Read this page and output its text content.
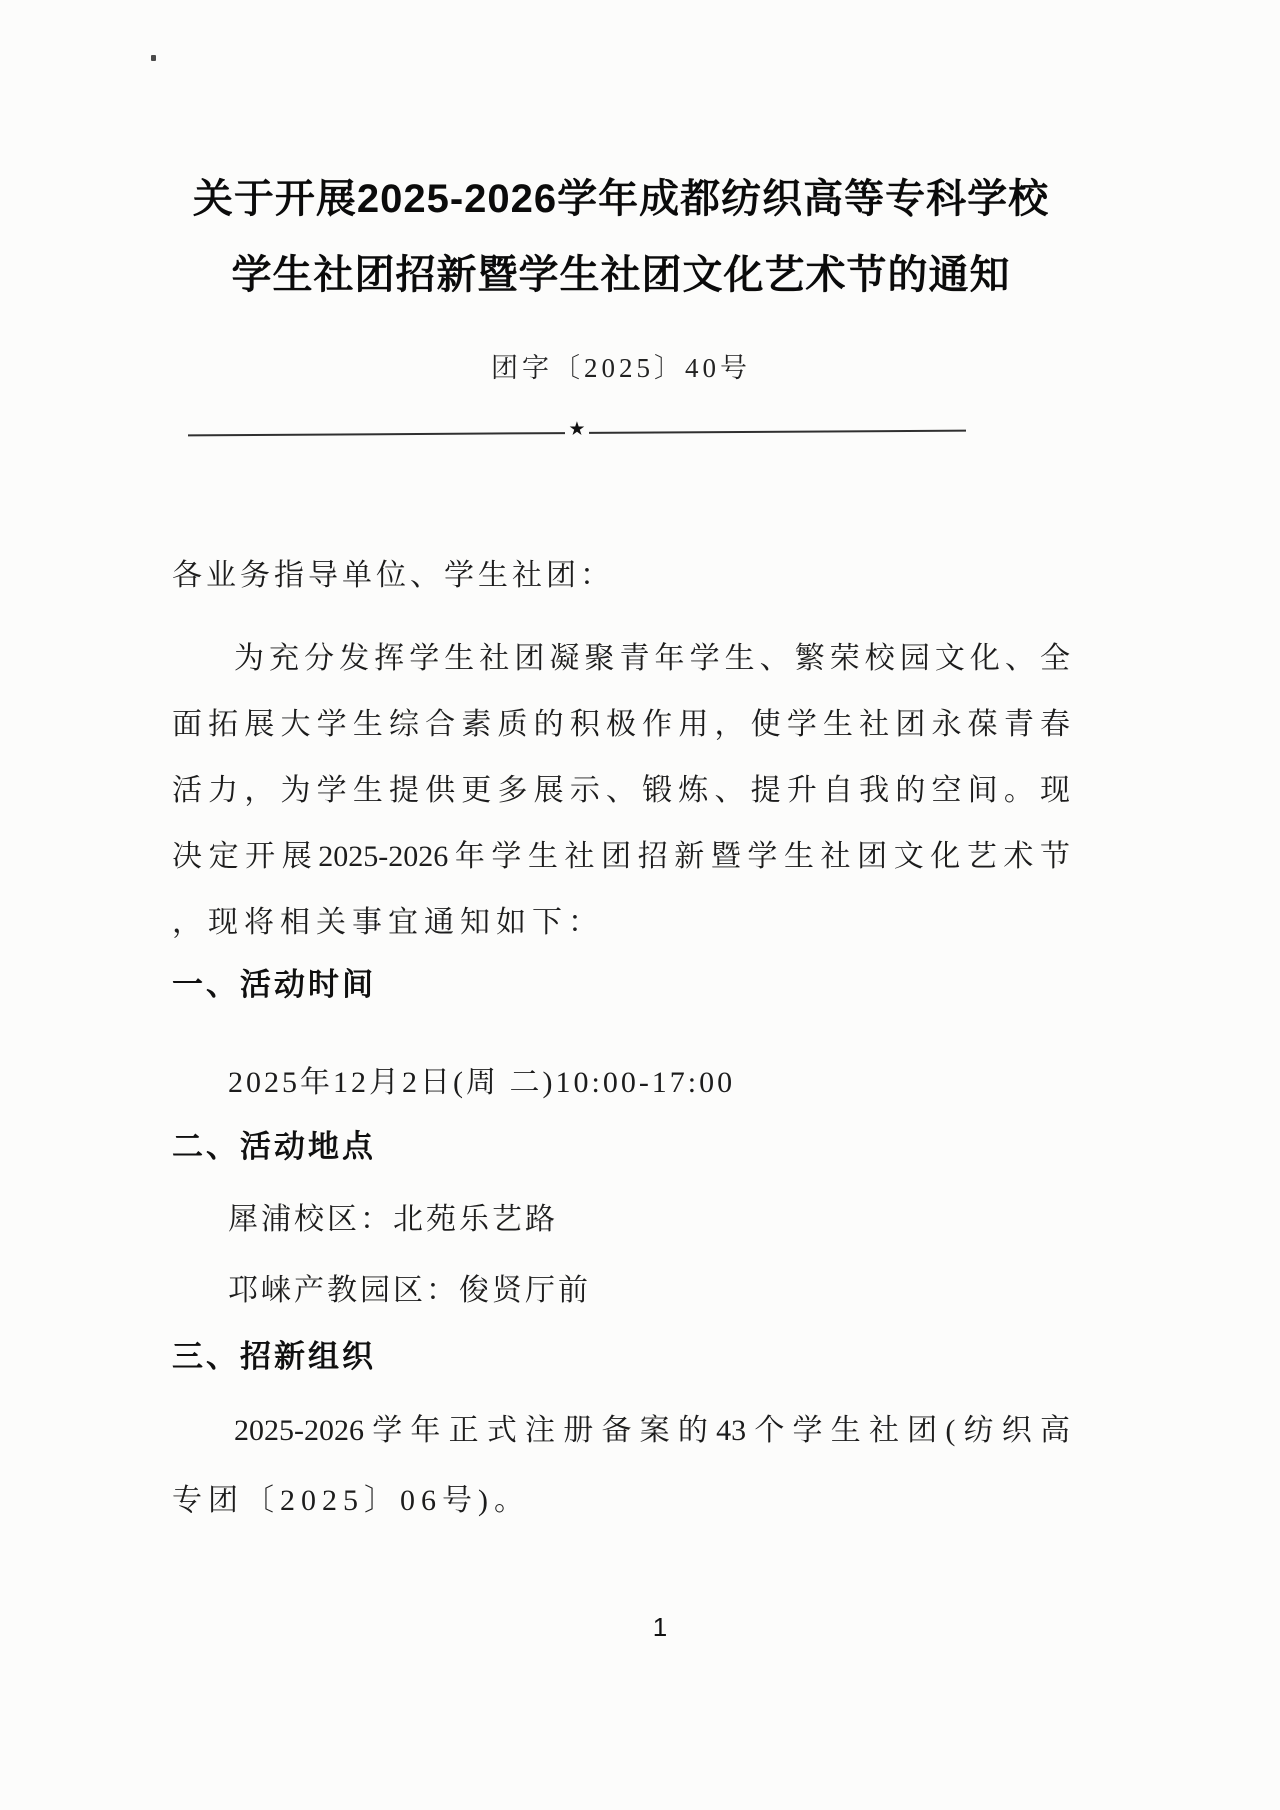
关于开展2025-2026学年成都纺织高等专科学校
学生社团招新暨学生社团文化艺术节的通知
团字〔2025〕40号
★
各业务指导单位、学生社团：
为充分发挥学生社团凝聚青年学生、繁荣校园文化、全
面拓展大学生综合素质的积极作用，使学生社团永葆青春
活力，为学生提供更多展示、锻炼、提升自我的空间。现
决定开展2025-2026年学生社团招新暨学生社团文化艺术节
，现将相关事宜通知如下：
一、活动时间
2025年12月2日(周 二)10:00-17:00
二、活动地点
犀浦校区：北苑乐艺路
邛崃产教园区：俊贤厅前
三、招新组织
2025-2026学年正式注册备案的43个学生社团(纺织高
专团〔2025〕06号)。
1
